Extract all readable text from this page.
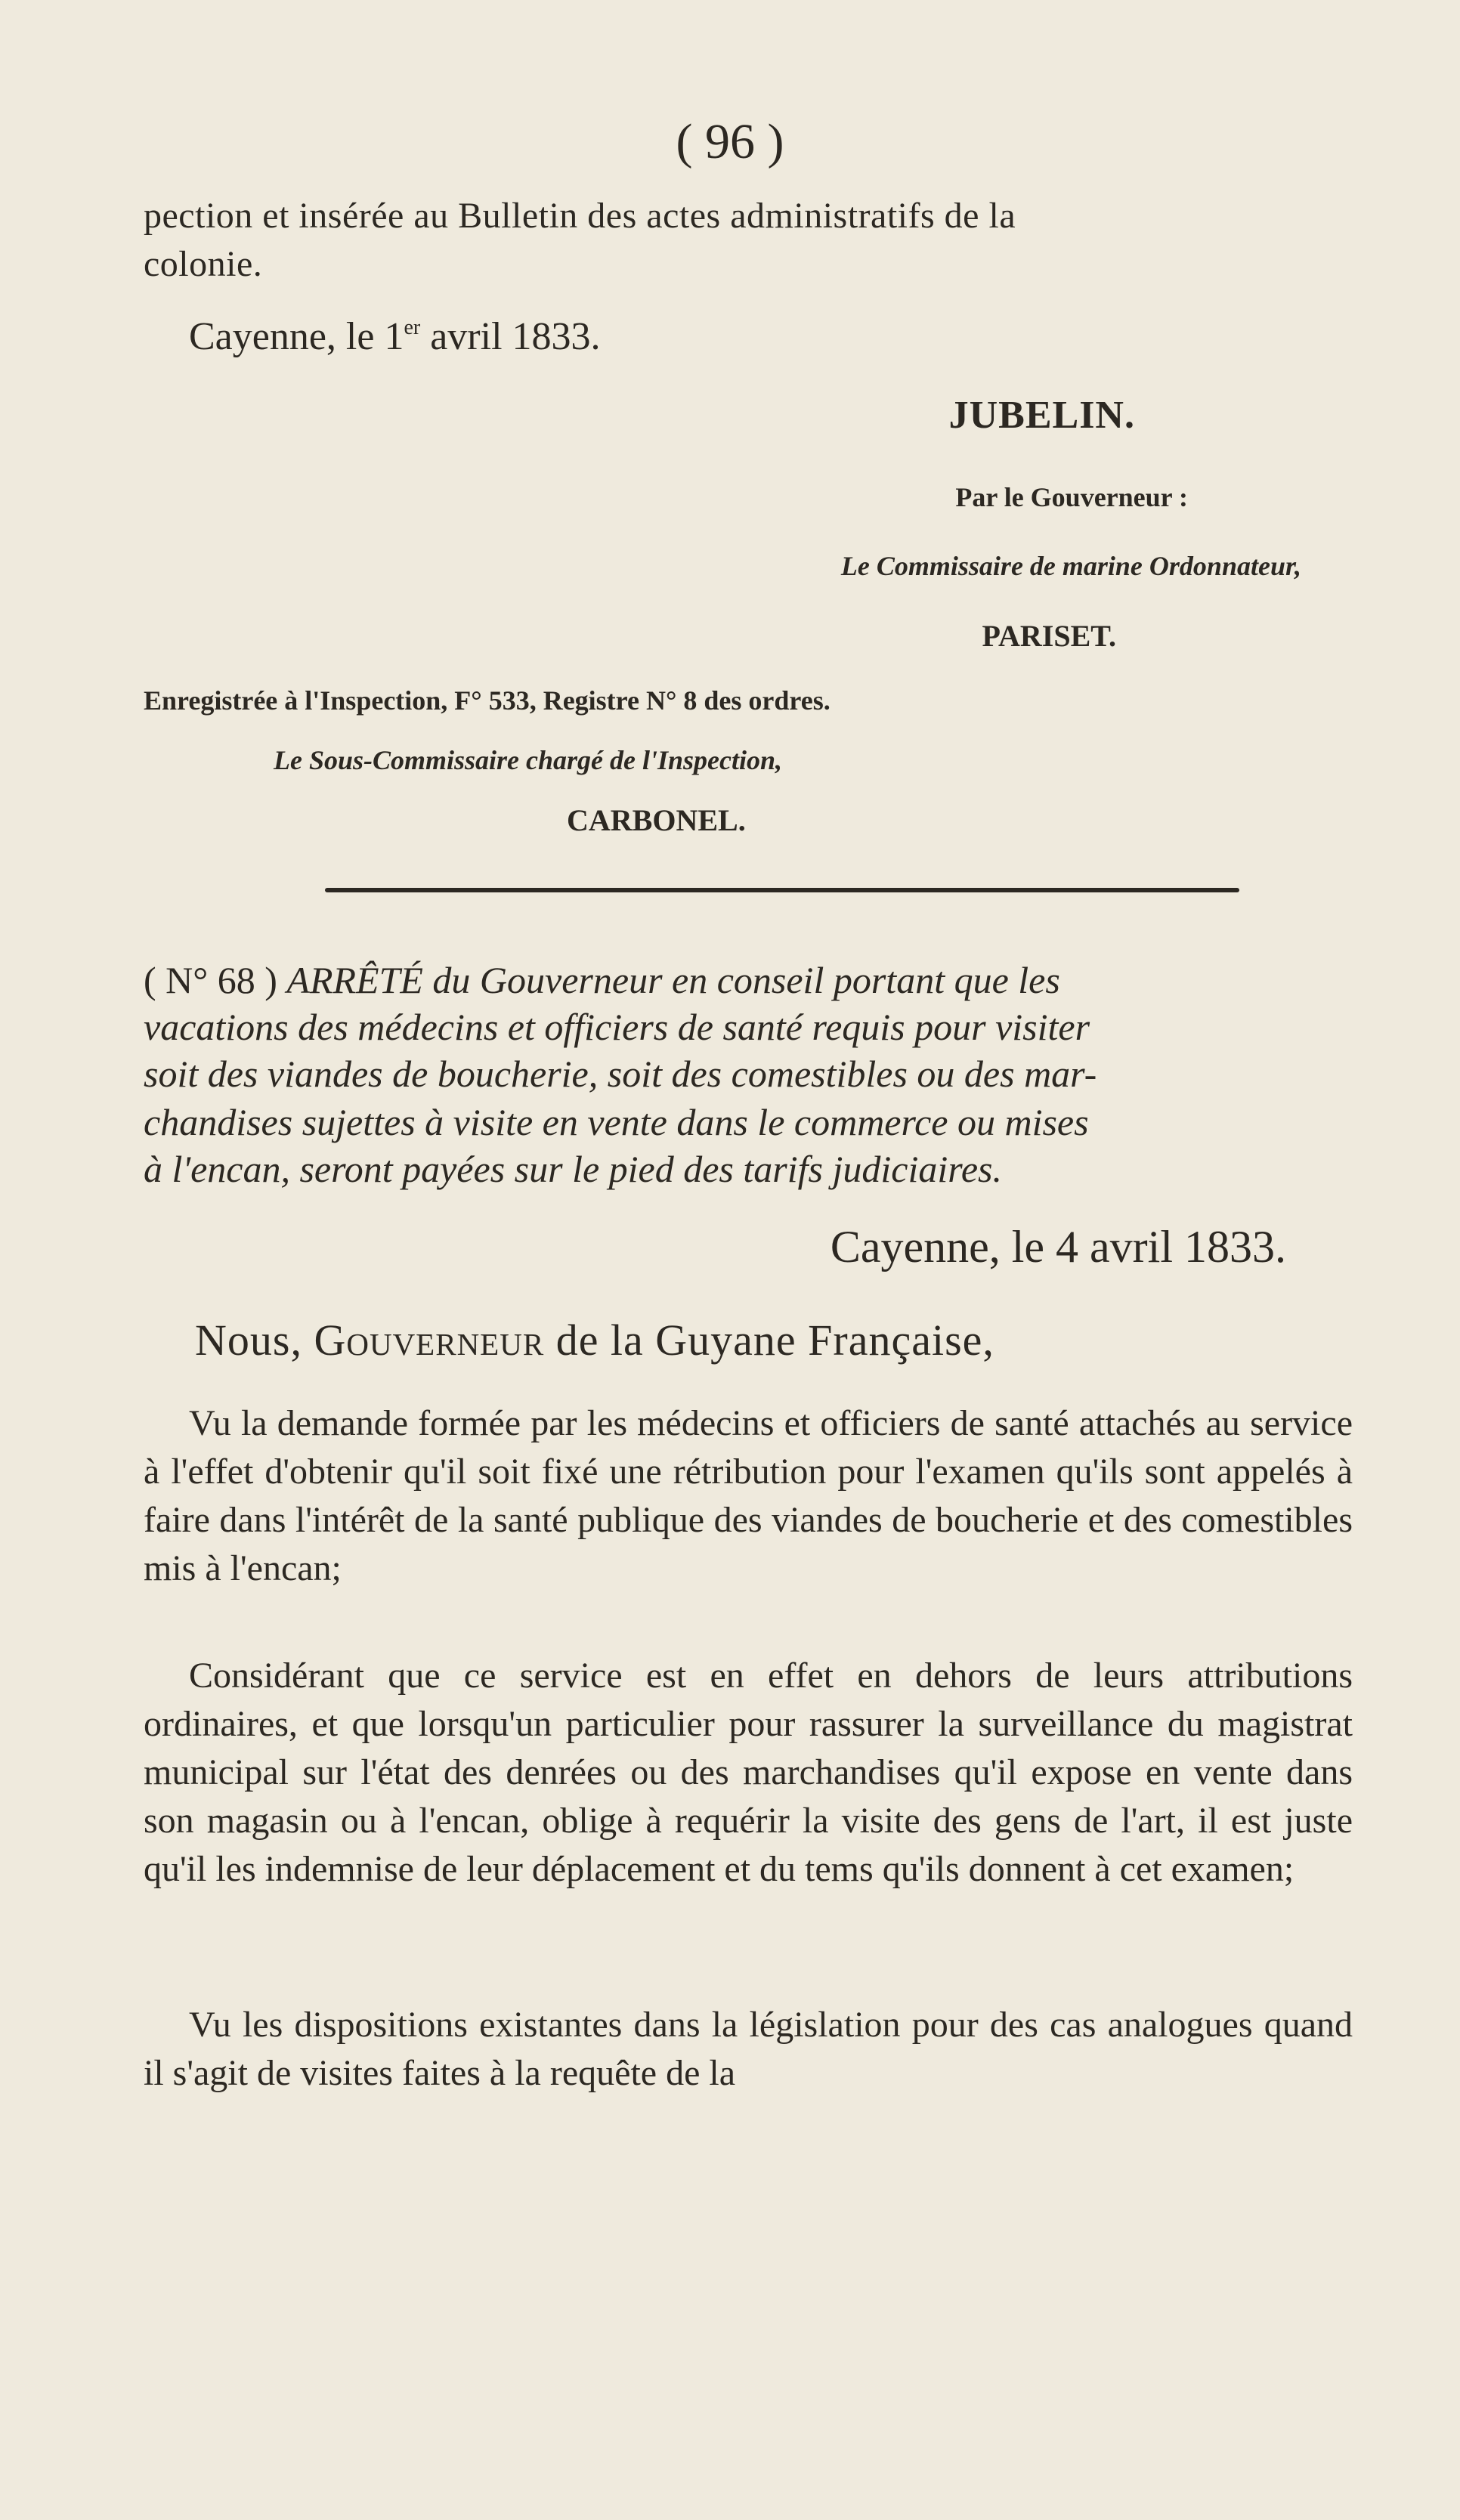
( 96 )
pection et insérée au Bulletin des actes administratifs de la
colonie.
Cayenne, le 1er avril 1833.
JUBELIN.
Par le Gouverneur :
Le Commissaire de marine Ordonnateur,
PARISET.
Enregistrée à l'Inspection, F° 533, Registre N° 8 des ordres.
Le Sous-Commissaire chargé de l'Inspection,
CARBONEL.
( N° 68 ) ARRÊTÉ du Gouverneur en conseil portant que les
vacations des médecins et officiers de santé requis pour visiter
soit des viandes de boucherie, soit des comestibles ou des mar-
chandises sujettes à visite en vente dans le commerce ou mises
à l'encan, seront payées sur le pied des tarifs judiciaires.
Cayenne, le 4 avril 1833.
Nous, Gouverneur de la Guyane Française,

Vu la demande formée par les médecins et officiers de santé attachés au service à l'effet d'obtenir qu'il soit fixé une rétribution pour l'examen qu'ils sont appelés à faire dans l'intérêt de la santé publique des viandes de boucherie et des comestibles mis à l'encan;

Considérant que ce service est en effet en dehors de leurs attributions ordinaires, et que lorsqu'un particulier pour rassurer la surveillance du magistrat municipal sur l'état des denrées ou des marchandises qu'il expose en vente dans son magasin ou à l'encan, oblige à requérir la visite des gens de l'art, il est juste qu'il les indemnise de leur déplacement et du tems qu'ils donnent à cet examen;

Vu les dispositions existantes dans la législation pour des cas analogues quand il s'agit de visites faites à la requête de la
